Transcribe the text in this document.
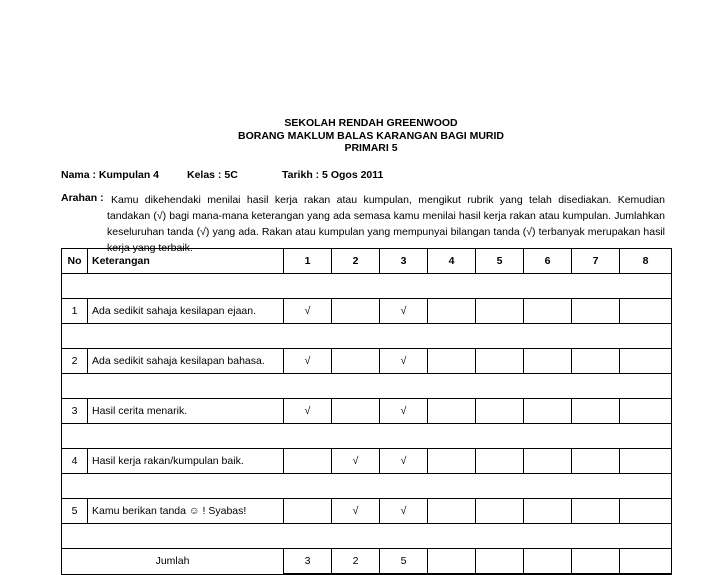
SEKOLAH RENDAH GREENWOOD
BORANG MAKLUM BALAS KARANGAN BAGI MURID
PRIMARI 5
Nama : Kumpulan 4	Kelas : 5C	Tarikh : 5 Ogos 2011
Arahan : Kamu dikehendaki menilai hasil kerja rakan atau kumpulan, mengikut rubrik yang telah disediakan. Kemudian tandakan (√) bagi mana-mana keterangan yang ada semasa kamu menilai hasil kerja rakan atau kumpulan. Jumlahkan keseluruhan tanda (√) yang ada. Rakan atau kumpulan yang mempunyai bilangan tanda (√) terbanyak merupakan hasil kerja yang terbaik.
No	Keterangan	1	2	3	4	5	6	7	8

1	Ada sedikit sahaja kesilapan ejaan.	√		√					

2	Ada sedikit sahaja kesilapan bahasa.	√		√					

3	Hasil cerita menarik.	√		√					

4	Hasil kerja rakan/kumpulan baik.		√	√					

5	Kamu berikan tanda ☺ ! Syabas!		√	√					

Jumlah		3	2	5					
